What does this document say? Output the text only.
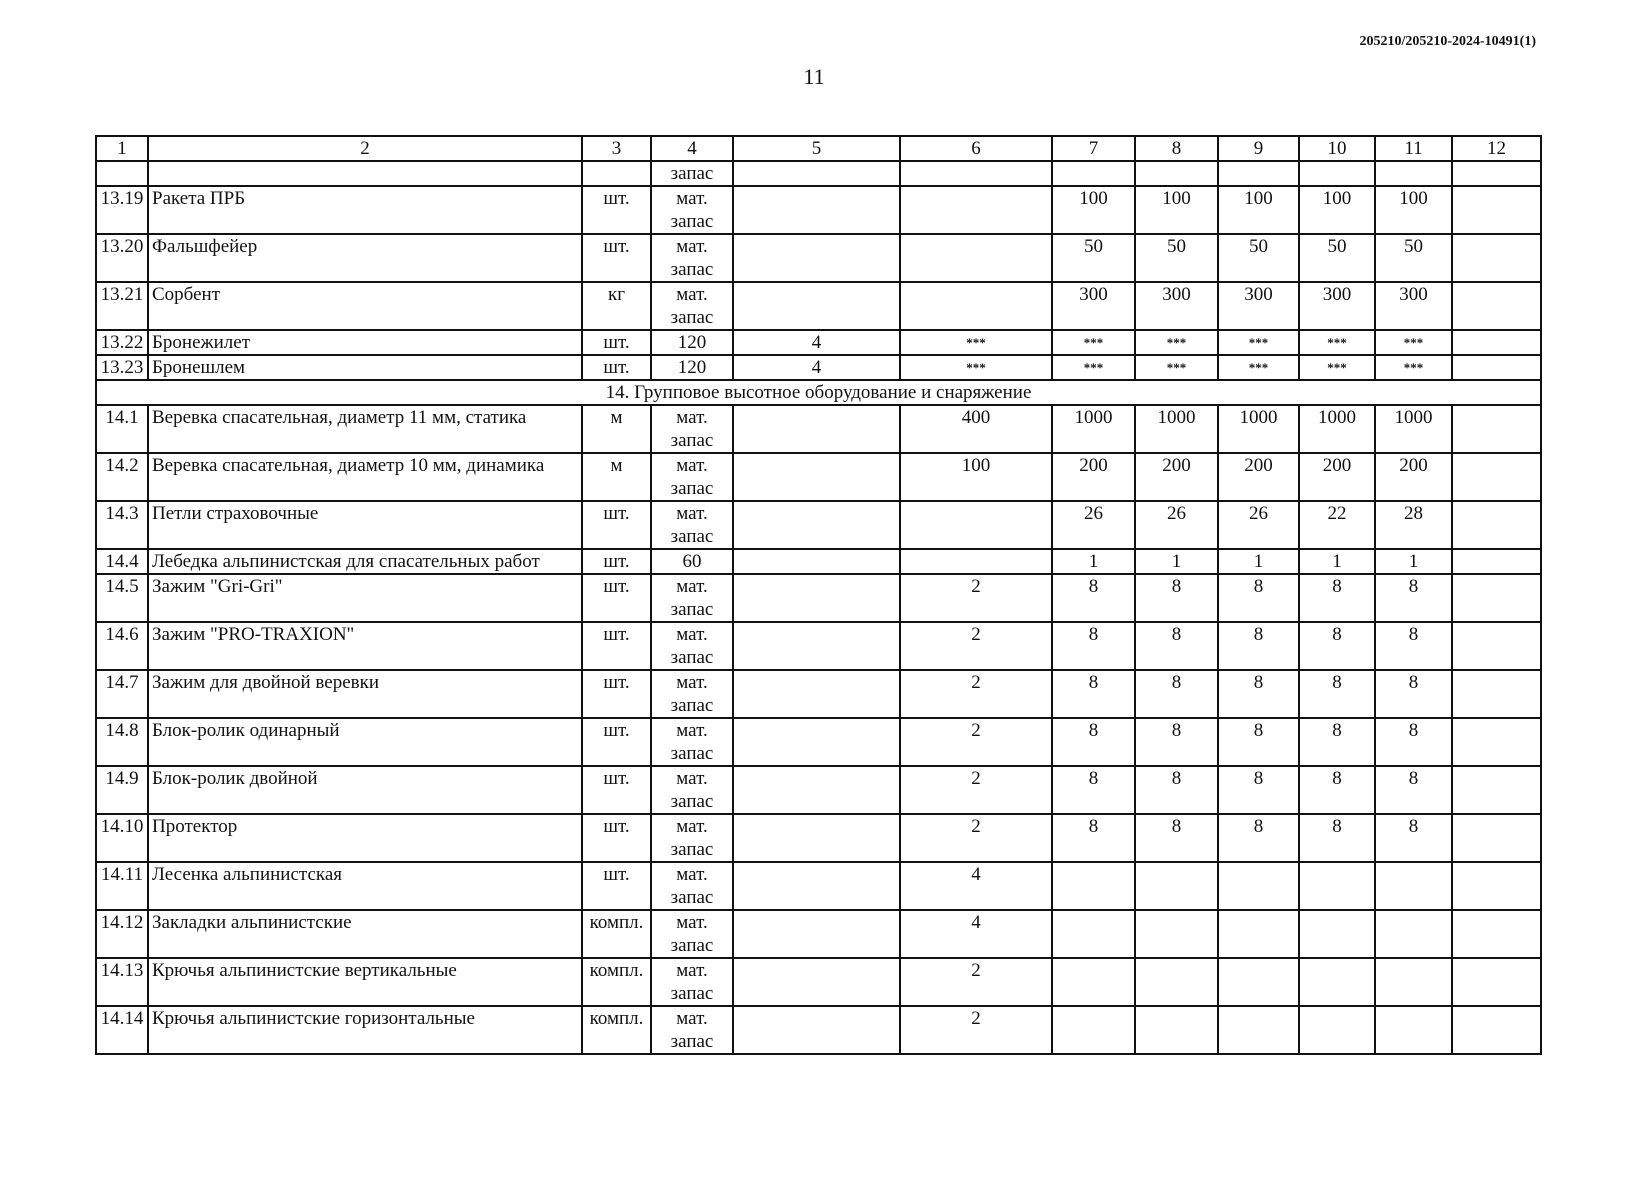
205210/205210-2024-10491(1)
11
1	2	3	4	5	6	7	8	9	10	11	12
			запас								
13.19	Ракета ПРБ	шт.	мат. запас			100	100	100	100	100	
13.20	Фальшфейер	шт.	мат. запас			50	50	50	50	50	
13.21	Сорбент	кг	мат. запас			300	300	300	300	300	
13.22	Бронежилет	шт.	120	4	***	***	***	***	***	***	
13.23	Бронешлем	шт.	120	4	***	***	***	***	***	***	
14. Групповое высотное оборудование и снаряжение											
14.1	Веревка спасательная, диаметр 11 мм, статика	м	мат. запас		400	1000	1000	1000	1000	1000	
14.2	Веревка спасательная, диаметр 10 мм, динамика	м	мат. запас		100	200	200	200	200	200	
14.3	Петли страховочные	шт.	мат. запас			26	26	26	22	28	
14.4	Лебедка альпинистская для спасательных работ	шт.	60			1	1	1	1	1	
14.5	Зажим "Gri-Gri"	шт.	мат. запас		2	8	8	8	8	8	
14.6	Зажим "PRO-TRAXION"	шт.	мат. запас		2	8	8	8	8	8	
14.7	Зажим для двойной веревки	шт.	мат. запас		2	8	8	8	8	8	
14.8	Блок-ролик одинарный	шт.	мат. запас		2	8	8	8	8	8	
14.9	Блок-ролик двойной	шт.	мат. запас		2	8	8	8	8	8	
14.10	Протектор	шт.	мат. запас		2	8	8	8	8	8	
14.11	Лесенка альпинистская	шт.	мат. запас		4						
14.12	Закладки альпинистские	компл.	мат. запас		4						
14.13	Крючья альпинистские вертикальные	компл.	мат. запас		2						
14.14	Крючья альпинистские горизонтальные	компл.	мат. запас		2						
